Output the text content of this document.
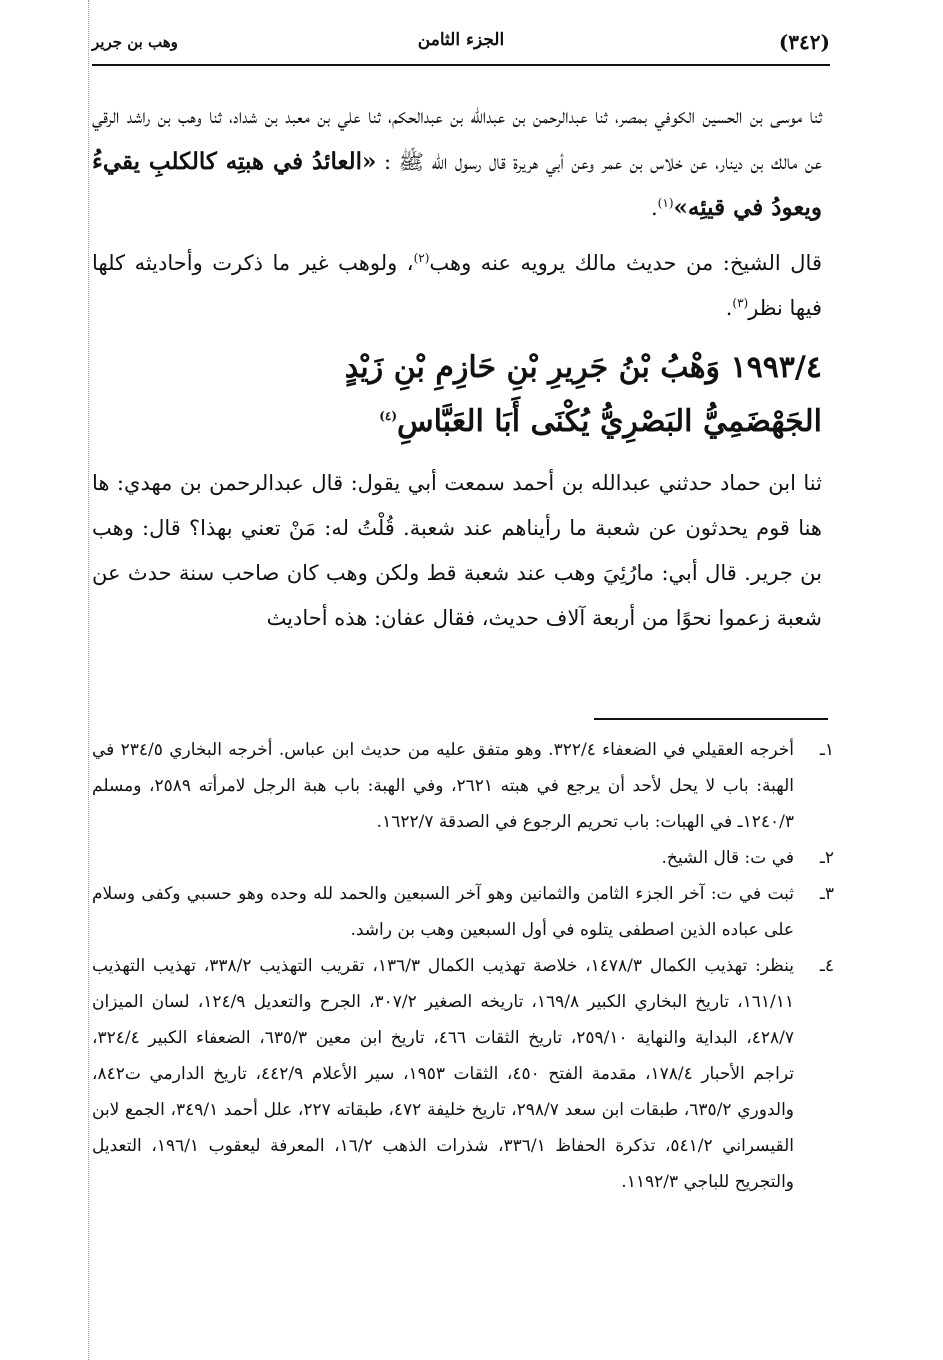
(٣٤٢)
الجزء الثامن
وهب بن جرير

ثنا موسى بن الحسين الكوفي بمصر، ثنا عبدالرحمن بن عبدالله بن عبدالحكم، ثنا علي بن معبد بن شداد، ثنا وهب بن راشد الرقي عن مالك بن دينار، عن خلاس بن عمر وعن أبي هريرة قال رسول الله ﷺ : «العائدُ في هبتِه كالكلبِ يقيءُ ويعودُ في قيئِه»$^{(١)}$.

قال الشيخ: من حديث مالك يرويه عنه وهب$^{(٢)}$، ولوهب غير ما ذكرت وأحاديثه كلها فيها نظر$^{(٣)}$.

١٩٩٣/٤ وَهْبُ بْنُ جَرِيرِ بْنِ حَازِمِ بْنِ زَيْدٍ
الجَهْضَمِيُّ البَصْرِيُّ يُكْنَى أَبَا العَبَّاسِ$^{(٤)}$

ثنا ابن حماد حدثني عبدالله بن أحمد سمعت أبي يقول: قال عبدالرحمن بن مهدي: ها هنا قوم يحدثون عن شعبة ما رأيناهم عند شعبة. قُلْتُ له: مَنْ تعني بهذا؟ قال: وهب بن جرير. قال أبي: مارُئِيَ وهب عند شعبة قط ولكن وهب كان صاحب سنة حدث عن شعبة زعموا نحوًا من أربعة آلاف حديث، فقال عفان: هذه أحاديث

١ـ
أخرجه العقيلي في الضعفاء ٣٢٢/٤. وهو متفق عليه من حديث ابن عباس. أخرجه البخاري ٢٣٤/٥ في الهبة: باب لا يحل لأحد أن يرجع في هبته ٢٦٢١، وفي الهبة: باب هبة الرجل لامرأته ٢٥٨٩، ومسلم ١٢٤٠/٣ـ في الهبات: باب تحريم الرجوع في الصدقة ١٦٢٢/٧.
٢ـ
في ت: قال الشيخ.
٣ـ
ثبت في ت: آخر الجزء الثامن والثمانين وهو آخر السبعين والحمد لله وحده وهو حسبي وكفى وسلام على عباده الذين اصطفى يتلوه في أول السبعين وهب بن راشد.
٤ـ
ينظر: تهذيب الكمال ١٤٧٨/٣، خلاصة تهذيب الكمال ١٣٦/٣، تقريب التهذيب ٣٣٨/٢، تهذيب التهذيب ١٦١/١١، تاريخ البخاري الكبير ١٦٩/٨، تاريخه الصغير ٣٠٧/٢، الجرح والتعديل ١٢٤/٩، لسان الميزان ٤٢٨/٧، البداية والنهاية ٢٥٩/١٠، تاريخ الثقات ٤٦٦، تاريخ ابن معين ٦٣٥/٣، الضعفاء الكبير ٣٢٤/٤، تراجم الأحبار ١٧٨/٤، مقدمة الفتح ٤٥٠، الثقات ١٩٥٣، سير الأعلام ٤٤٢/٩، تاريخ الدارمي ت٨٤٢، والدوري ٦٣٥/٢، طبقات ابن سعد ٢٩٨/٧، تاريخ خليفة ٤٧٢، طبقاته ٢٢٧، علل أحمد ٣٤٩/١، الجمع لابن القيسراني ٥٤١/٢، تذكرة الحفاظ ٣٣٦/١، شذرات الذهب ١٦/٢، المعرفة ليعقوب ١٩٦/١، التعديل والتجريح للباجي ١١٩٢/٣.
